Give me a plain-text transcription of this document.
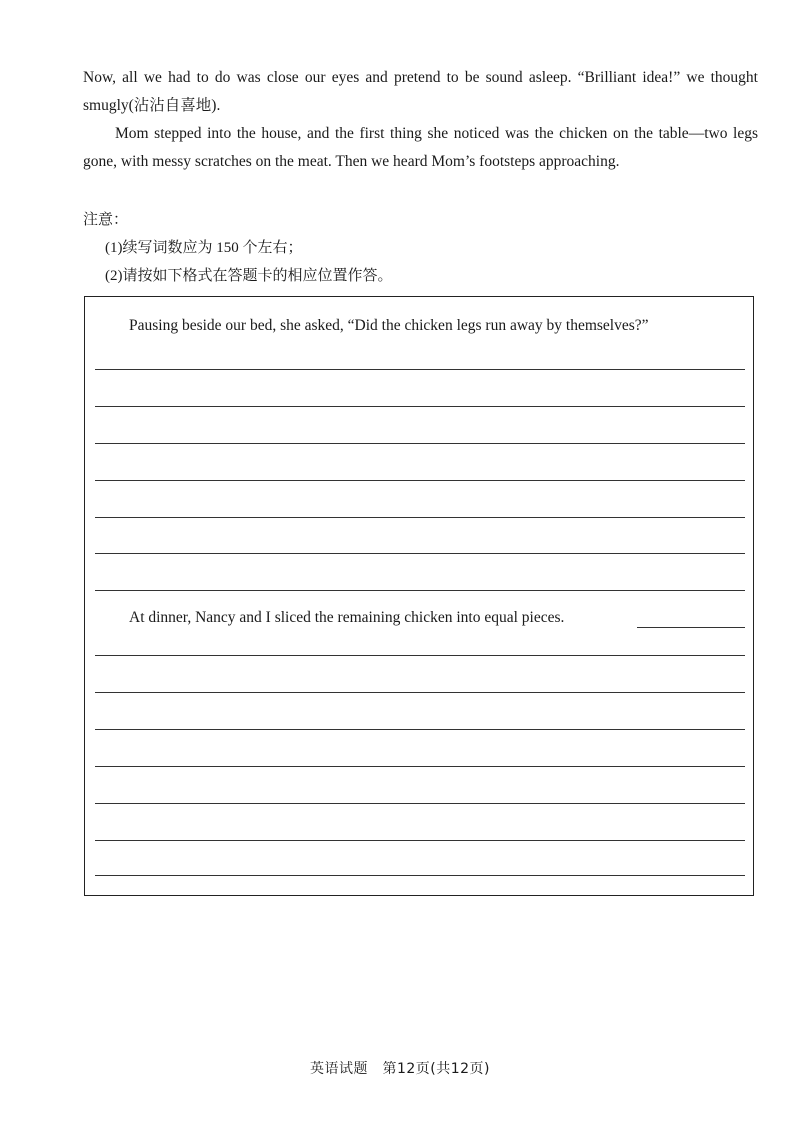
Now, all we had to do was close our eyes and pretend to be sound asleep. “Brilliant idea!” we thought smugly(沾沾自喜地).

Mom stepped into the house, and the first thing she noticed was the chicken on the table—two legs gone, with messy scratches on the meat. Then we heard Mom’s footsteps approaching.

注意：

(1)续写词数应为 150 个左右；

(2)请按如下格式在答题卡的相应位置作答。

Pausing beside our bed, she asked, “Did the chicken legs run away by themselves?”
At dinner, Nancy and I sliced the remaining chicken into equal pieces.
英语试题　第12页(共12页)
